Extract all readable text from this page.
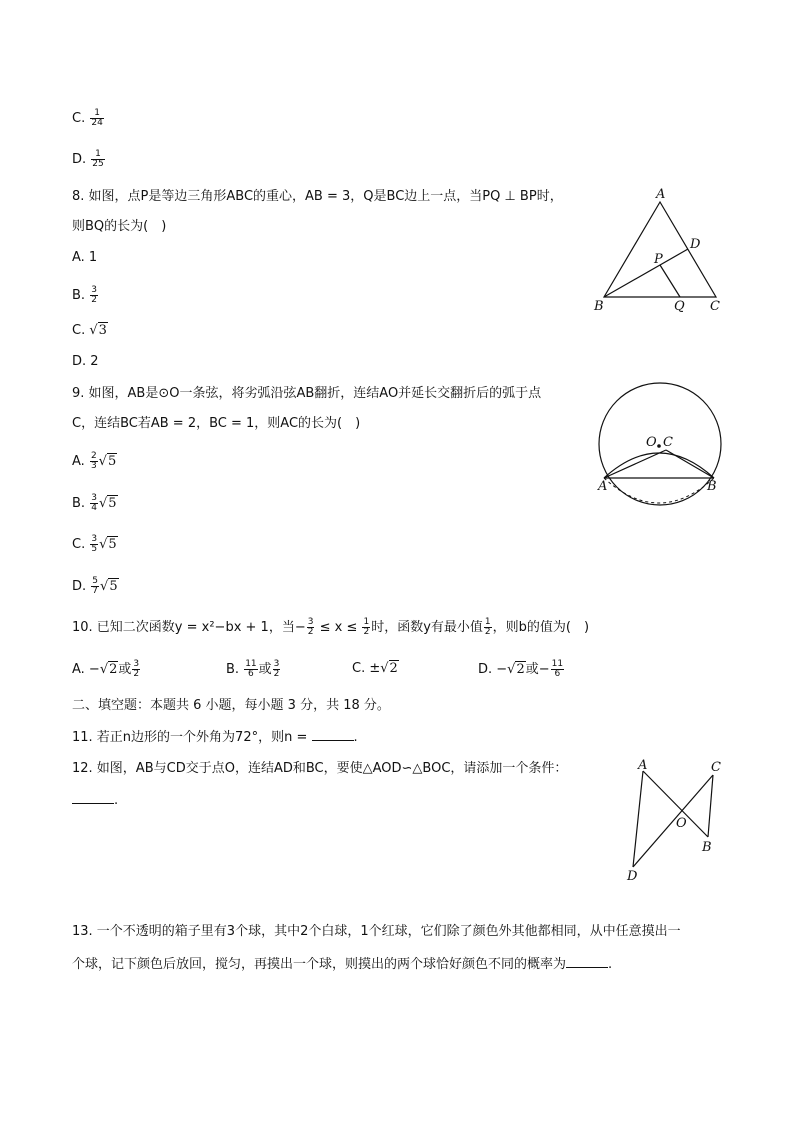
C. $\frac{1}{24}$
D. $\frac{1}{25}$
8. 如图，点P是等边三角形ABC的重心，AB = 3，Q是BC边上一点，当PQ ⊥ BP时，
则BQ的长为(　)
A. 1
B. $\frac{3}{2}$
C. √3
D. 2
A
B	C
D
P
Q
9. 如图，AB是⊙O一条弦，将劣弧沿弦AB翻折，连结AO并延长交翻折后的弧于点
C，连结BC若AB = 2，BC = 1，则AC的长为(　)
A. $\frac{2}{3} √5$
B. $\frac{3}{4} √5$
C. $\frac{3}{5} √5$
D. $\frac{5}{7} √5$
O C
A	B
10. 已知二次函数y = x²−bx + 1，当− $\frac{3}{2} \le x \le \frac{1}{2}$ 时，函数y有最小值 $\frac{1}{2}$ ，则b的值为(　)
A. −√2或 $\frac{3}{2}$	B. $\frac{11}{6}$ 或 $\frac{3}{2}$	C. ±√2	D. −√2或− $\frac{11}{6}$
二、填空题：本题共 6 小题，每小题 3 分，共 18 分。
11. 若正n边形的一个外角为72°，则n =	.
12. 如图，AB与CD交于点O，连结AD和BC，要使△AOD∽△BOC，请添加一个条件：
.
A	C
O
B
D
13. 一个不透明的箱子里有3个球，其中2个白球，1个红球，它们除了颜色外其他都相同，从中任意摸出一
个球，记下颜色后放回，搅匀，再摸出一个球，则摸出的两个球恰好颜色不同的概率为	.
